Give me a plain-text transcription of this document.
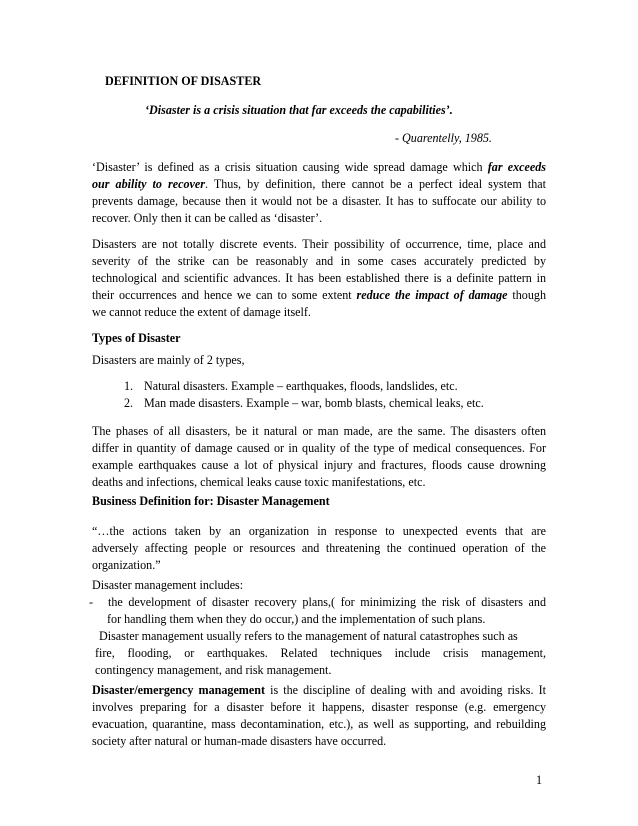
DEFINITION OF DISASTER
‘Disaster is a crisis situation that far exceeds the capabilities’.
- Quarentelly, 1985.
‘Disaster’ is defined as a crisis situation causing wide spread damage which far exceeds
our ability to recover. Thus, by definition, there cannot be a perfect ideal system that
prevents damage, because then it would not be a disaster. It has to suffocate our ability to
recover. Only then it can be called as ‘disaster’.
Disasters are not totally discrete events. Their possibility of occurrence, time, place and
severity of the strike can be reasonably and in some cases accurately predicted by
technological and scientific advances. It has been established there is a definite pattern in
their occurrences and hence we can to some extent reduce the impact of damage though
we cannot reduce the extent of damage itself.
Types of Disaster
Disasters are mainly of 2 types,
1. Natural disasters. Example – earthquakes, floods, landslides, etc.
2. Man made disasters. Example – war, bomb blasts, chemical leaks, etc.
The phases of all disasters, be it natural or man made, are the same. The disasters often
differ in quantity of damage caused or in quality of the type of medical consequences. For
example earthquakes cause a lot of physical injury and fractures, floods cause drowning
deaths and infections, chemical leaks cause toxic manifestations, etc.
Business Definition for: Disaster Management
“…the actions taken by an organization in response to unexpected events that are
adversely affecting people or resources and threatening the continued operation of the
organization.”
Disaster management includes:
-	the development of disaster recovery plans,( for minimizing the risk of disasters and
for handling them when they do occur,) and the implementation of such plans.
Disaster management usually refers to the management of natural catastrophes such as
fire, flooding, or earthquakes. Related techniques include crisis management,
contingency management, and risk management.
Disaster/emergency management is the discipline of dealing with and avoiding risks. It
involves preparing for a disaster before it happens, disaster response (e.g. emergency
evacuation, quarantine, mass decontamination, etc.), as well as supporting, and rebuilding
society after natural or human-made disasters have occurred.
1
